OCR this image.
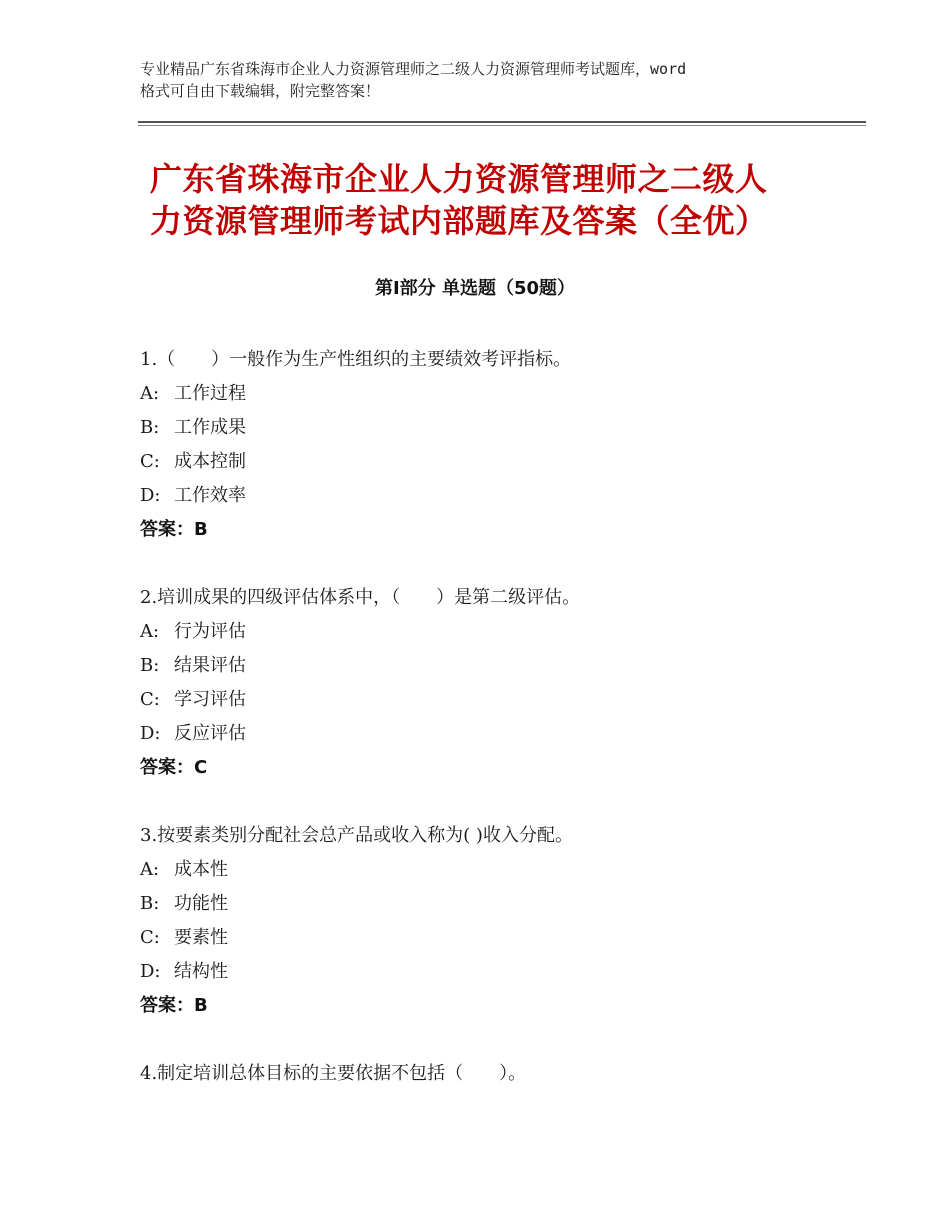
专业精品广东省珠海市企业人力资源管理师之二级人力资源管理师考试题库，word
格式可自由下载编辑，附完整答案！
广东省珠海市企业人力资源管理师之二级人
力资源管理师考试内部题库及答案（全优）
第Ⅰ部分 单选题（50题）
1.（　　）一般作为生产性组织的主要绩效考评指标。
A: 工作过程
B: 工作成果
C: 成本控制
D: 工作效率
答案：B
2.培训成果的四级评估体系中，（　　）是第二级评估。
A: 行为评估
B: 结果评估
C: 学习评估
D: 反应评估
答案：C
3.按要素类别分配社会总产品或收入称为( )收入分配。
A: 成本性
B: 功能性
C: 要素性
D: 结构性
答案：B
4.制定培训总体目标的主要依据不包括（　　）。
